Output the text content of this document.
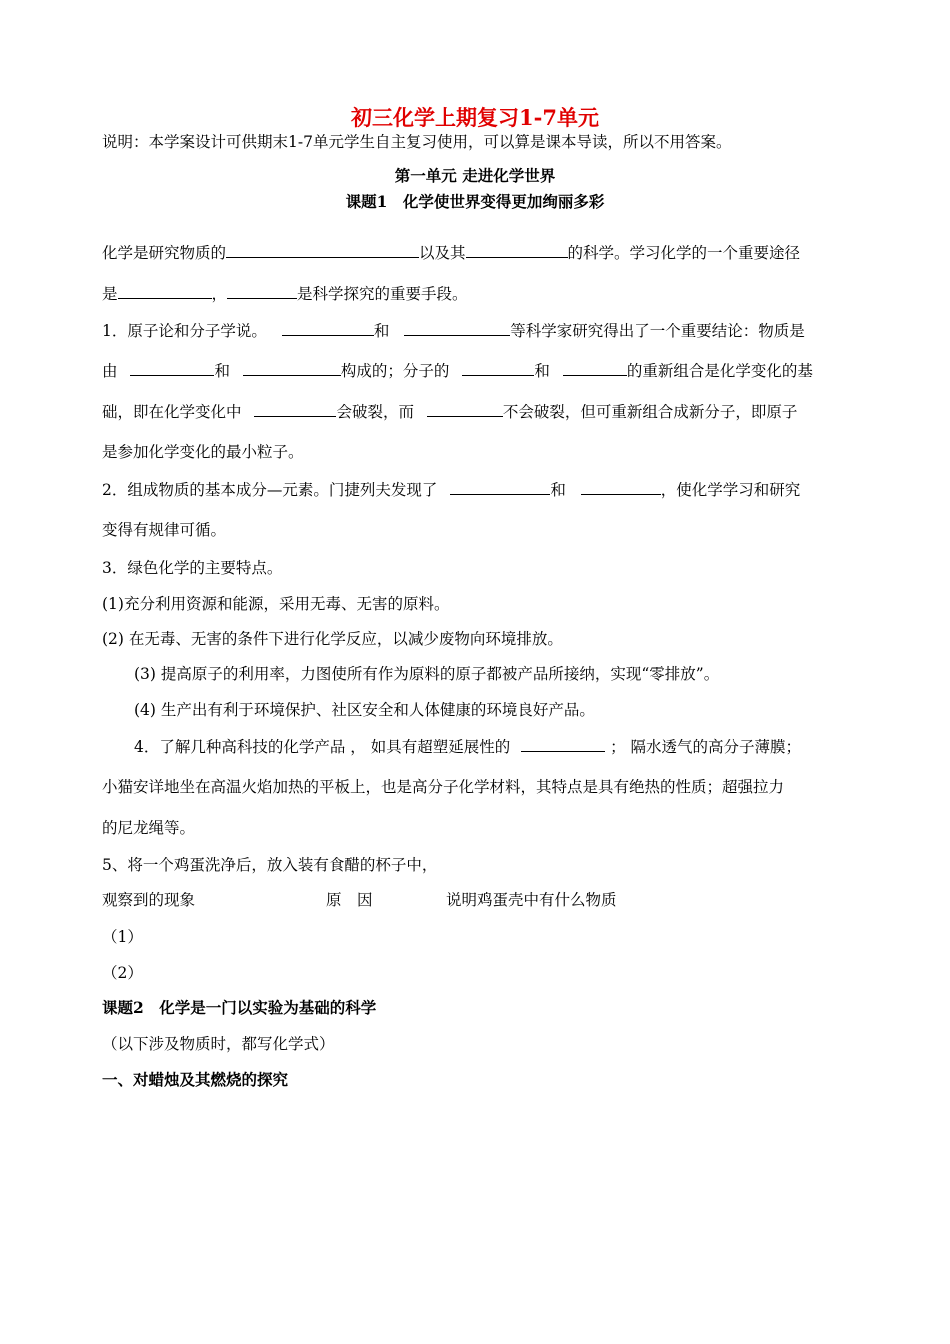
初三化学上期复习1-7单元
说明：本学案设计可供期末1-7单元学生自主复习使用，可以算是课本导读，所以不用答案。
第一单元 走进化学世界
课题1　化学使世界变得更加绚丽多彩
化学是研究物质的	以及其	的科学。学习化学的一个重要途径
是	，	是科学探究的重要手段。
1．原子论和分子学说。	和	等科学家研究得出了一个重要结论：物质是
由	和	构成的；分子的	和	的重新组合是化学变化的基
础，即在化学变化中	会破裂，而	不会破裂，但可重新组合成新分子，即原子
是参加化学变化的最小粒子。
2．组成物质的基本成分—元素。门捷列夫发现了	和	，使化学学习和研究
变得有规律可循。
3．绿色化学的主要特点。
(1)充分利用资源和能源，采用无毒、无害的原料。
(2) 在无毒、无害的条件下进行化学反应，以减少废物向环境排放。
(3) 提高原子的利用率，力图使所有作为原料的原子都被产品所接纳，实现“零排放”。
(4) 生产出有利于环境保护、社区安全和人体健康的环境良好产品。
4．了解几种高科技的化学产品 ， 如具有超塑延展性的	； 隔水透气的高分子薄膜；
小猫安详地坐在高温火焰加热的平板上，也是高分子化学材料，其特点是具有绝热的性质；超强拉力
的尼龙绳等。
5、将一个鸡蛋洗净后，放入装有食醋的杯子中，
观察到的现象	原　因	说明鸡蛋壳中有什么物质
（1）
（2）
课题2　化学是一门以实验为基础的科学
（以下涉及物质时，都写化学式）
一、对蜡烛及其燃烧的探究
